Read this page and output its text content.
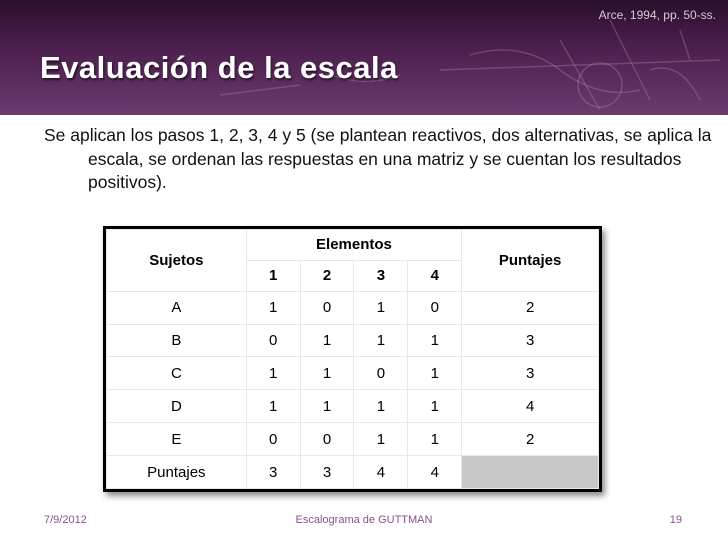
Arce, 1994, pp. 50-ss.
Evaluación de la escala

Se aplican los pasos 1, 2, 3, 4 y 5 (se plantean reactivos, dos alternativas, se aplica la escala, se ordenan las respuestas en una matriz y se cuentan los resultados positivos).

Sujetos	Elementos				Puntajes
	1	2	3	4	
A	1	0	1	0	2
B	0	1	1	1	3
C	1	1	0	1	3
D	1	1	1	1	4
E	0	0	1	1	2
Puntajes	3	3	4	4	
7/9/2012	Escalograma de GUTTMAN	19
